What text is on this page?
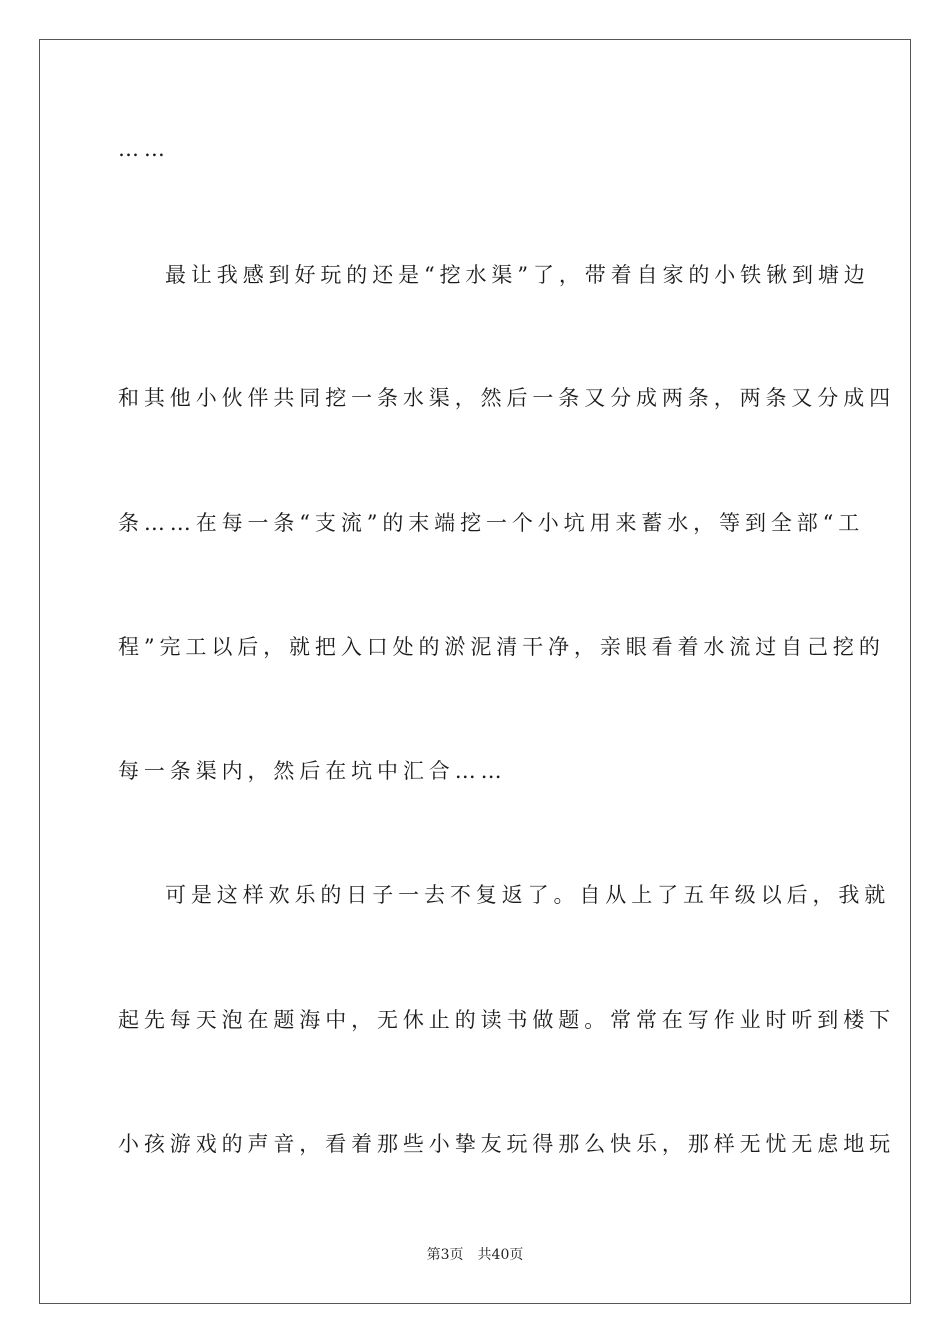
……
最让我感到好玩的还是“挖水渠”了，带着自家的小铁锹到塘边
和其他小伙伴共同挖一条水渠，然后一条又分成两条，两条又分成四
条……在每一条“支流”的末端挖一个小坑用来蓄水，等到全部“工
程”完工以后，就把入口处的淤泥清干净，亲眼看着水流过自己挖的
每一条渠内，然后在坑中汇合……
可是这样欢乐的日子一去不复返了。自从上了五年级以后，我就
起先每天泡在题海中，无休止的读书做题。常常在写作业时听到楼下
小孩游戏的声音，看着那些小挚友玩得那么快乐，那样无忧无虑地玩
第3页 共40页
